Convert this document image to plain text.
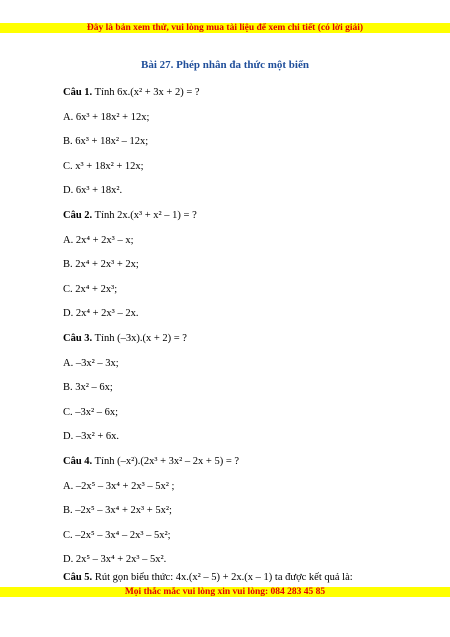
Đây là bản xem thử, vui lòng mua tài liệu để xem chi tiết (có lời giải)
Bài 27. Phép nhân đa thức một biến
Câu 1. Tính 6x.(x² + 3x + 2) = ?
A. 6x³ + 18x² + 12x;
B. 6x³ + 18x² – 12x;
C. x³ + 18x² + 12x;
D. 6x³ + 18x².
Câu 2. Tính 2x.(x³ + x² – 1) = ?
A. 2x⁴ + 2x³ – x;
B. 2x⁴ + 2x³ + 2x;
C. 2x⁴ + 2x³;
D. 2x⁴ + 2x³ – 2x.
Câu 3. Tính (–3x).(x + 2) = ?
A. –3x² – 3x;
B. 3x² – 6x;
C. –3x² – 6x;
D. –3x² + 6x.
Câu 4. Tính (–x²).(2x³ + 3x² – 2x + 5) = ?
A. –2x⁵ – 3x⁴ + 2x³ – 5x² ;
B. –2x⁵ – 3x⁴ + 2x³ + 5x²;
C. –2x⁵ – 3x⁴ – 2x³ – 5x²;
D. 2x⁵ – 3x⁴ + 2x³ – 5x².
Câu 5. Rút gọn biểu thức: 4x.(x² – 5) + 2x.(x – 1) ta được kết quả là:
Mọi thắc mắc vui lòng xin vui lòng: 084 283 45 85
